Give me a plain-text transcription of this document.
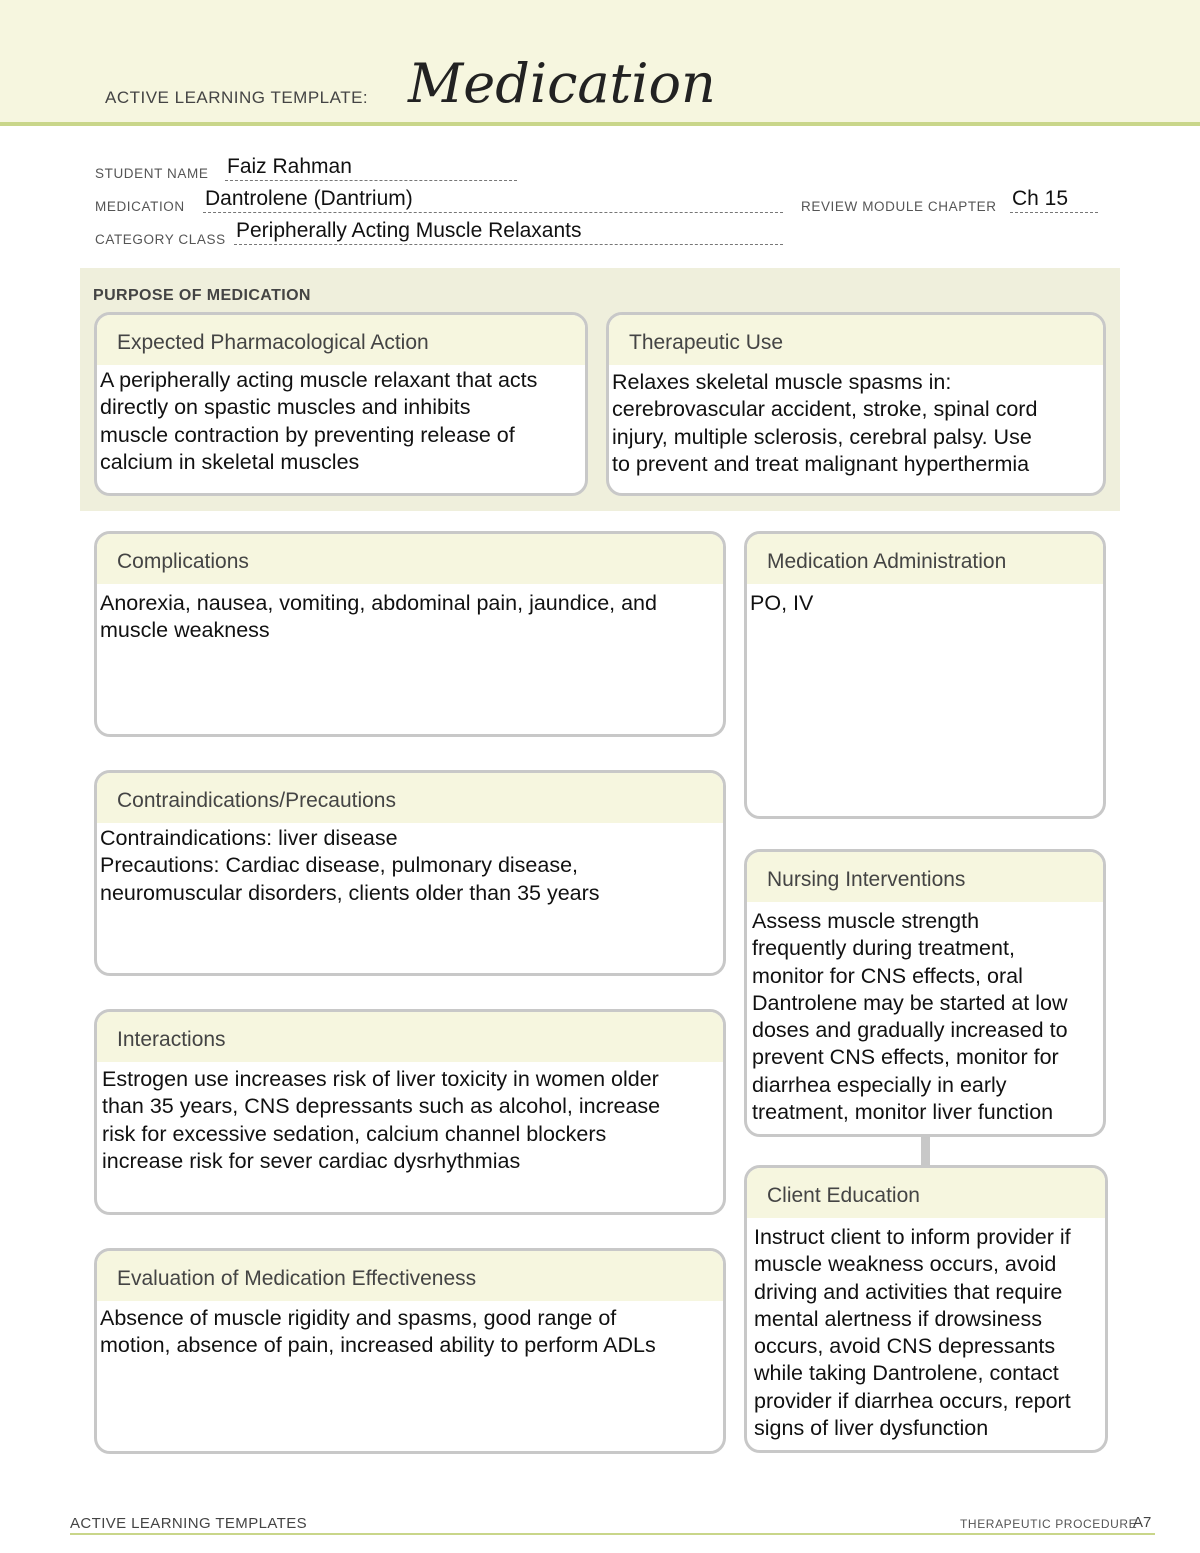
ACTIVE LEARNING TEMPLATE: Medication
STUDENT NAME Faiz Rahman
MEDICATION Dantrolene (Dantrium)	REVIEW MODULE CHAPTER Ch 15
CATEGORY CLASS Peripherally Acting Muscle Relaxants
PURPOSE OF MEDICATION
Expected Pharmacological Action
A peripherally acting muscle relaxant that acts
directly on spastic muscles and inhibits
muscle contraction by preventing release of
calcium in skeletal muscles
Therapeutic Use
Relaxes skeletal muscle spasms in:
cerebrovascular accident, stroke, spinal cord
injury, multiple sclerosis, cerebral palsy. Use
to prevent and treat malignant hyperthermia
Complications
Anorexia, nausea, vomiting, abdominal pain, jaundice, and
muscle weakness
Medication Administration
PO, IV
Contraindications/Precautions
Contraindications: liver disease
Precautions: Cardiac disease, pulmonary disease,
neuromuscular disorders, clients older than 35 years
Nursing Interventions
Assess muscle strength
frequently during treatment,
monitor for CNS effects, oral
Dantrolene may be started at low
doses and gradually increased to
prevent CNS effects, monitor for
diarrhea especially in early
treatment, monitor liver function
Interactions
Estrogen use increases risk of liver toxicity in women older
than 35 years, CNS depressants such as alcohol, increase
risk for excessive sedation, calcium channel blockers
increase risk for sever cardiac dysrhythmias
Client Education
Instruct client to inform provider if
muscle weakness occurs, avoid
driving and activities that require
mental alertness if drowsiness
occurs, avoid CNS depressants
while taking Dantrolene, contact
provider if diarrhea occurs, report
signs of liver dysfunction
Evaluation of Medication Effectiveness
Absence of muscle rigidity and spasms, good range of
motion, absence of pain, increased ability to perform ADLs
ACTIVE LEARNING TEMPLATES	THERAPEUTIC PROCEDURE
A7
